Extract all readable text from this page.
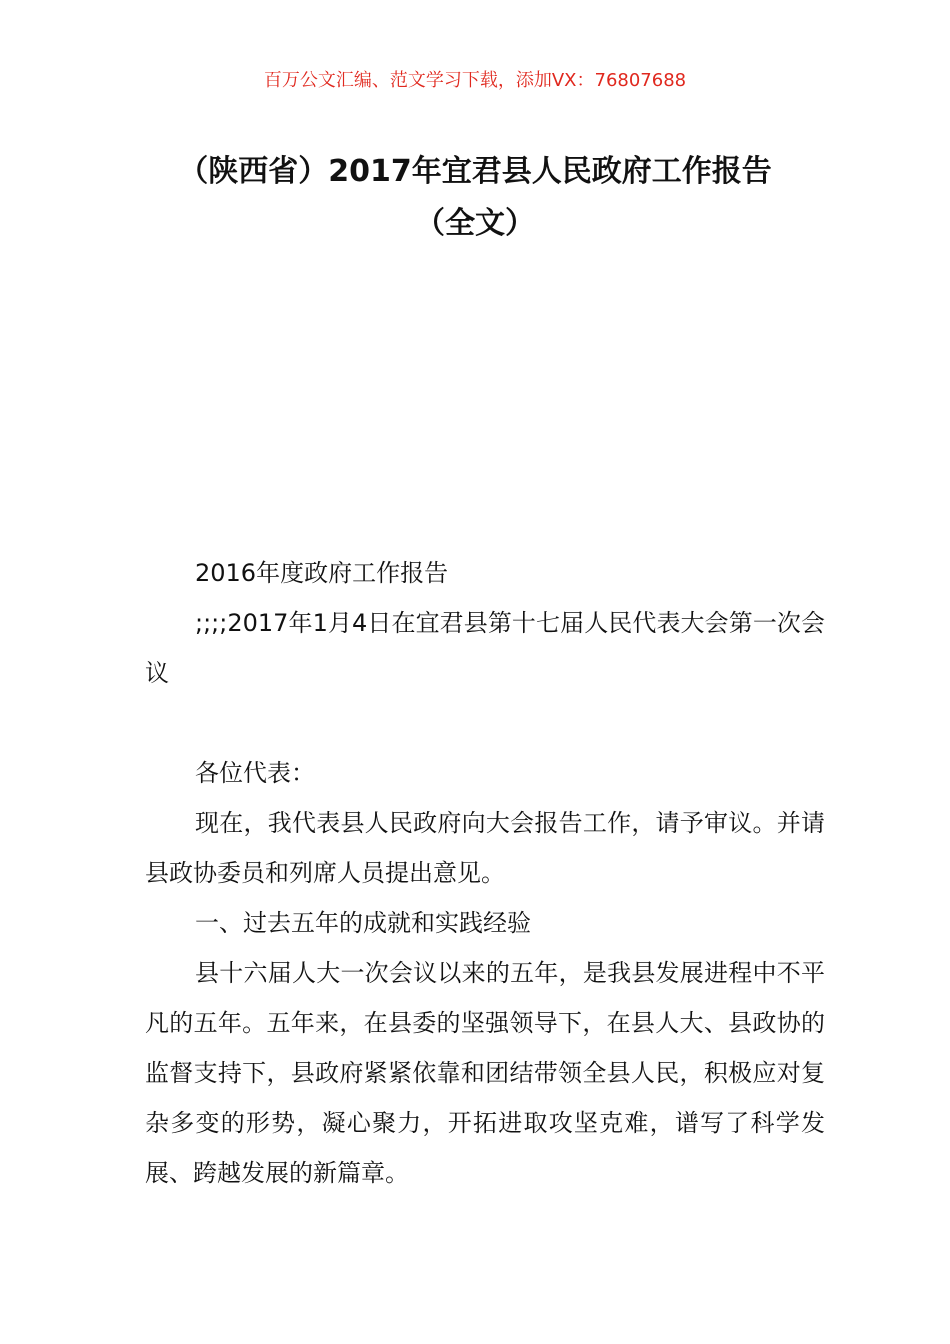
百万公文汇编、范文学习下载，添加VX：76807688
（陕西省）2017年宜君县人民政府工作报告（全文）

2016年度政府工作报告

;;;;2017年1月4日在宜君县第十七届人民代表大会第一次会议

各位代表：

现在，我代表县人民政府向大会报告工作，请予审议。并请县政协委员和列席人员提出意见。

一、过去五年的成就和实践经验

县十六届人大一次会议以来的五年，是我县发展进程中不平凡的五年。五年来，在县委的坚强领导下，在县人大、县政协的监督支持下，县政府紧紧依靠和团结带领全县人民，积极应对复杂多变的形势，凝心聚力，开拓进取攻坚克难，谱写了科学发展、跨越发展的新篇章。
